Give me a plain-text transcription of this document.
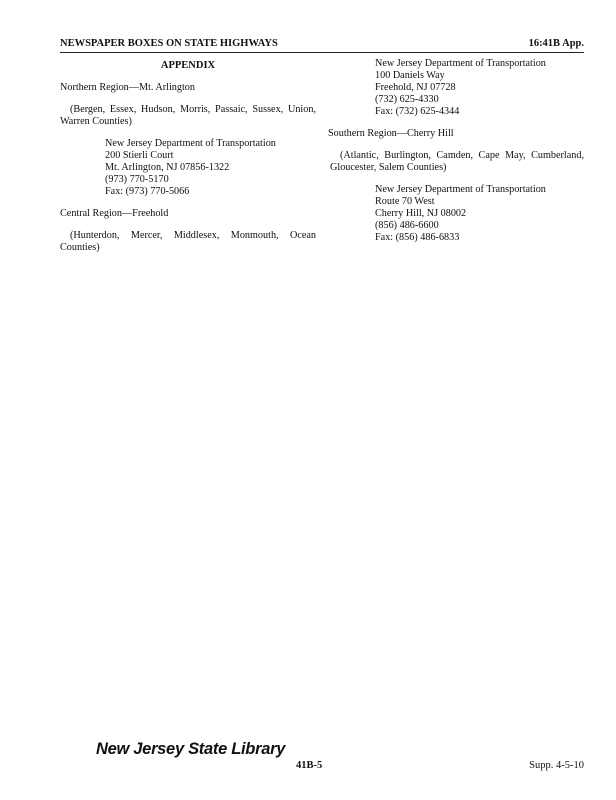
NEWSPAPER BOXES ON STATE HIGHWAYS	16:41B App.
APPENDIX
Northern Region—Mt. Arlington
(Bergen, Essex, Hudson, Morris, Passaic, Sussex, Union, Warren Counties)
New Jersey Department of Transportation
200 Stierli Court
Mt. Arlington, NJ 07856-1322
(973) 770-5170
Fax: (973) 770-5066
Central Region—Freehold
(Hunterdon, Mercer, Middlesex, Monmouth, Ocean Counties)
New Jersey Department of Transportation
100 Daniels Way
Freehold, NJ 07728
(732) 625-4330
Fax: (732) 625-4344
Southern Region—Cherry Hill
(Atlantic, Burlington, Camden, Cape May, Cumberland, Gloucester, Salem Counties)
New Jersey Department of Transportation
Route 70 West
Cherry Hill, NJ 08002
(856) 486-6600
Fax: (856) 486-6833
New Jersey State Library
41B-5	Supp. 4-5-10
